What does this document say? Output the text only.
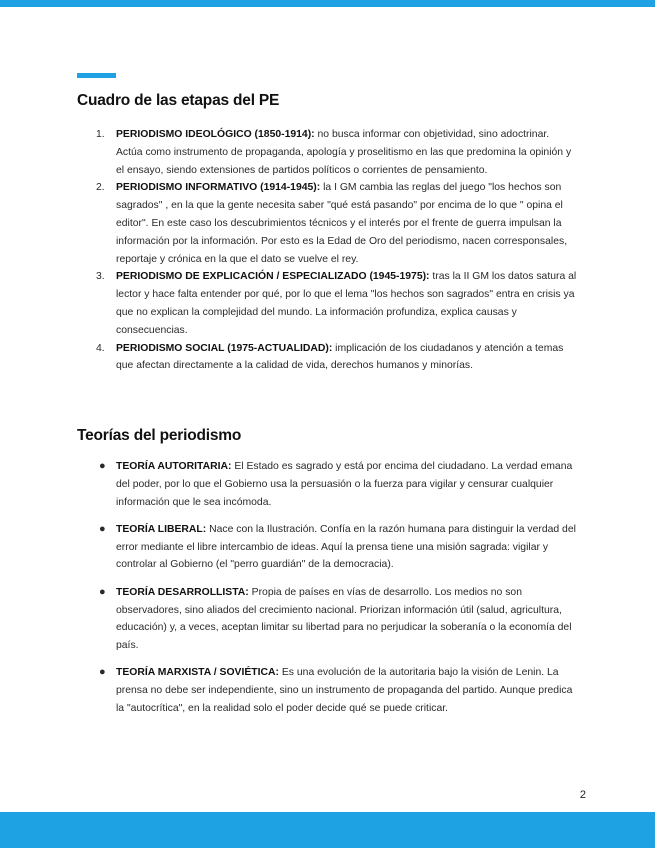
Cuadro de las etapas del PE
1. PERIODISMO IDEOLÓGICO (1850-1914): no busca informar con objetividad, sino adoctrinar. Actúa como instrumento de propaganda, apología y proselitismo en las que predomina la opinión y el ensayo, siendo extensiones de partidos políticos o corrientes de pensamiento.
2. PERIODISMO INFORMATIVO (1914-1945): la I GM cambia las reglas del juego "los hechos son sagrados" , en la que la gente necesita saber "qué está pasando" por encima de lo que " opina el editor". En este caso los descubrimientos técnicos y el interés por el frente de guerra impulsan la información por la información. Por esto es la Edad de Oro del periodismo, nacen corresponsales, reportaje y crónica en la que el dato se vuelve el rey.
3. PERIODISMO DE EXPLICACIÓN / ESPECIALIZADO (1945-1975): tras la II GM los datos satura al lector y hace falta entender por qué, por lo que el lema "los hechos son sagrados" entra en crisis ya que no explican la complejidad del mundo. La información profundiza, explica causas y consecuencias.
4. PERIODISMO SOCIAL (1975-ACTUALIDAD): implicación de los ciudadanos y atención a temas que afectan directamente a la calidad de vida, derechos humanos y minorías.
Teorías del periodismo
● TEORÍA AUTORITARIA: El Estado es sagrado y está por encima del ciudadano. La verdad emana del poder, por lo que el Gobierno usa la persuasión o la fuerza para vigilar y censurar cualquier información que le sea incómoda.
● TEORÍA LIBERAL: Nace con la Ilustración. Confía en la razón humana para distinguir la verdad del error mediante el libre intercambio de ideas. Aquí la prensa tiene una misión sagrada: vigilar y controlar al Gobierno (el "perro guardián" de la democracia).
● TEORÍA DESARROLLISTA: Propia de países en vías de desarrollo. Los medios no son observadores, sino aliados del crecimiento nacional. Priorizan información útil (salud, agricultura, educación) y, a veces, aceptan limitar su libertad para no perjudicar la soberanía o la economía del país.
● TEORÍA MARXISTA / SOVIÉTICA: Es una evolución de la autoritaria bajo la visión de Lenin. La prensa no debe ser independiente, sino un instrumento de propaganda del partido. Aunque predica la "autocrítica", en la realidad solo el poder decide qué se puede criticar.
2
